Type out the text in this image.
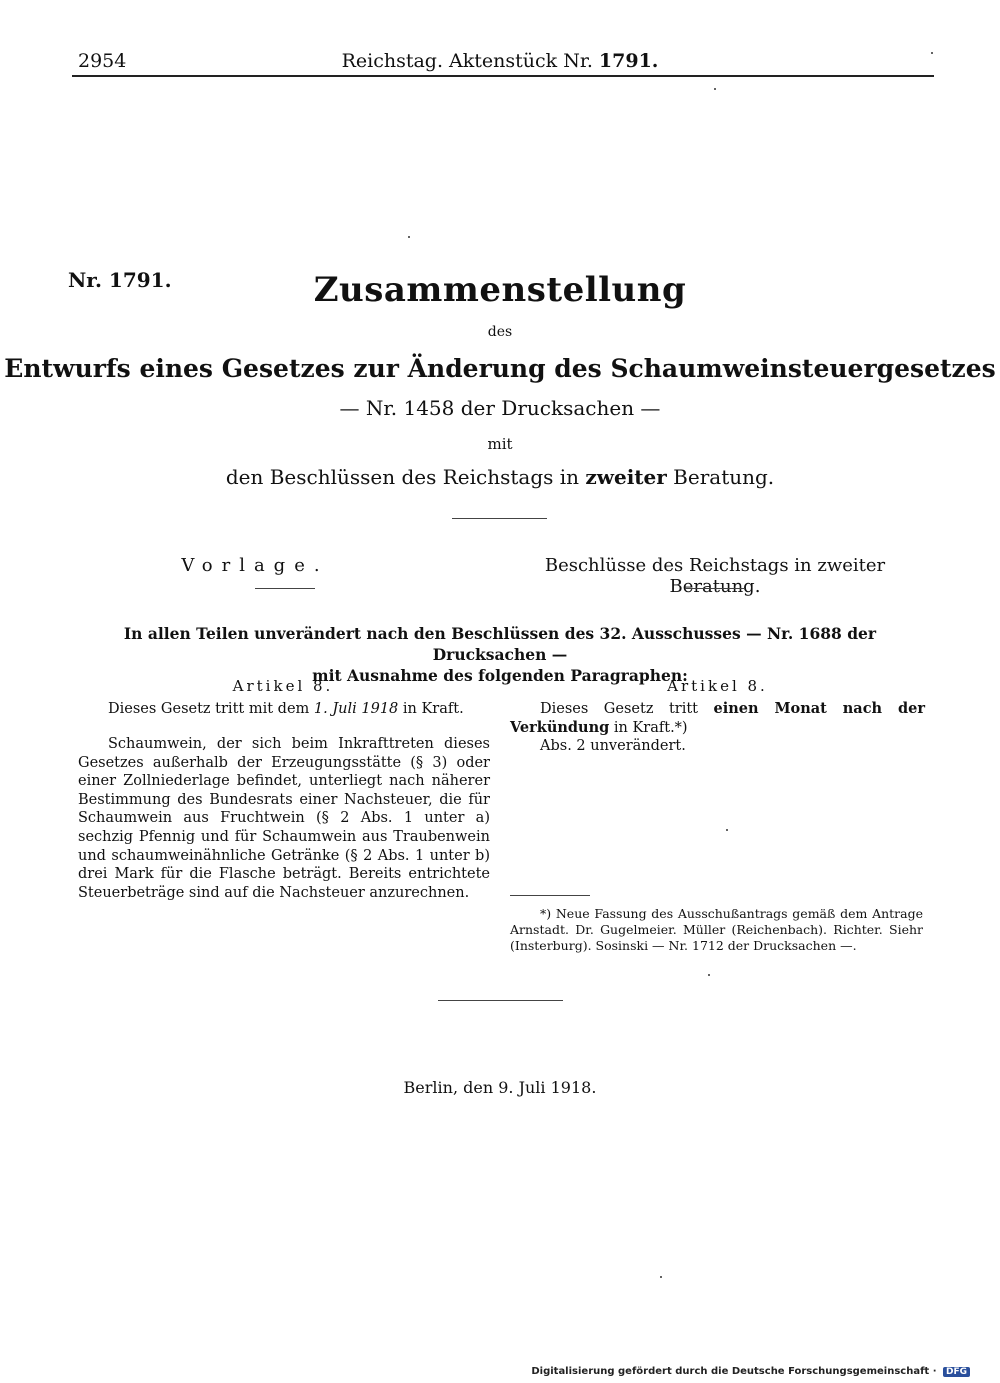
2954	Reichstag. Aktenstück Nr. 1791.
Nr. 1791.	Zusammenstellung
des
Entwurfs eines Gesetzes zur Änderung des Schaumweinsteuergesetzes
— Nr. 1458 der Drucksachen —
mit
den Beschlüssen des Reichstags in zweiter Beratung.
Vorlage.	Beschlüsse des Reichstags in zweiter Beratung.
In allen Teilen unverändert nach den Beschlüssen des 32. Ausschusses — Nr. 1688 der Drucksachen —
mit Ausnahme des folgenden Paragraphen:
Artikel 8.
Dieses Gesetz tritt mit dem 1. Juli 1918 in Kraft.
Schaumwein, der sich beim Inkrafttreten dieses Gesetzes außerhalb der Erzeugungsstätte (§ 3) oder einer Zollniederlage befindet, unterliegt nach näherer Bestimmung des Bundesrats einer Nachsteuer, die für Schaumwein aus Fruchtwein (§ 2 Abs. 1 unter a) sechzig Pfennig und für Schaumwein aus Traubenwein und schaumweinähnliche Getränke (§ 2 Abs. 1 unter b) drei Mark für die Flasche beträgt. Bereits entrichtete Steuerbeträge sind auf die Nachsteuer anzurechnen.
Artikel 8.
Dieses Gesetz tritt einen Monat nach der Verkündung in Kraft.*)
Abs. 2 unverändert.
*) Neue Fassung des Ausschußantrags gemäß dem Antrage Arnstadt. Dr. Gugelmeier. Müller (Reichenbach). Richter. Siehr (Insterburg). Sosinski — Nr. 1712 der Drucksachen —.
Berlin, den 9. Juli 1918.
Digitalisierung gefördert durch die Deutsche Forschungsgemeinschaft · DFG
